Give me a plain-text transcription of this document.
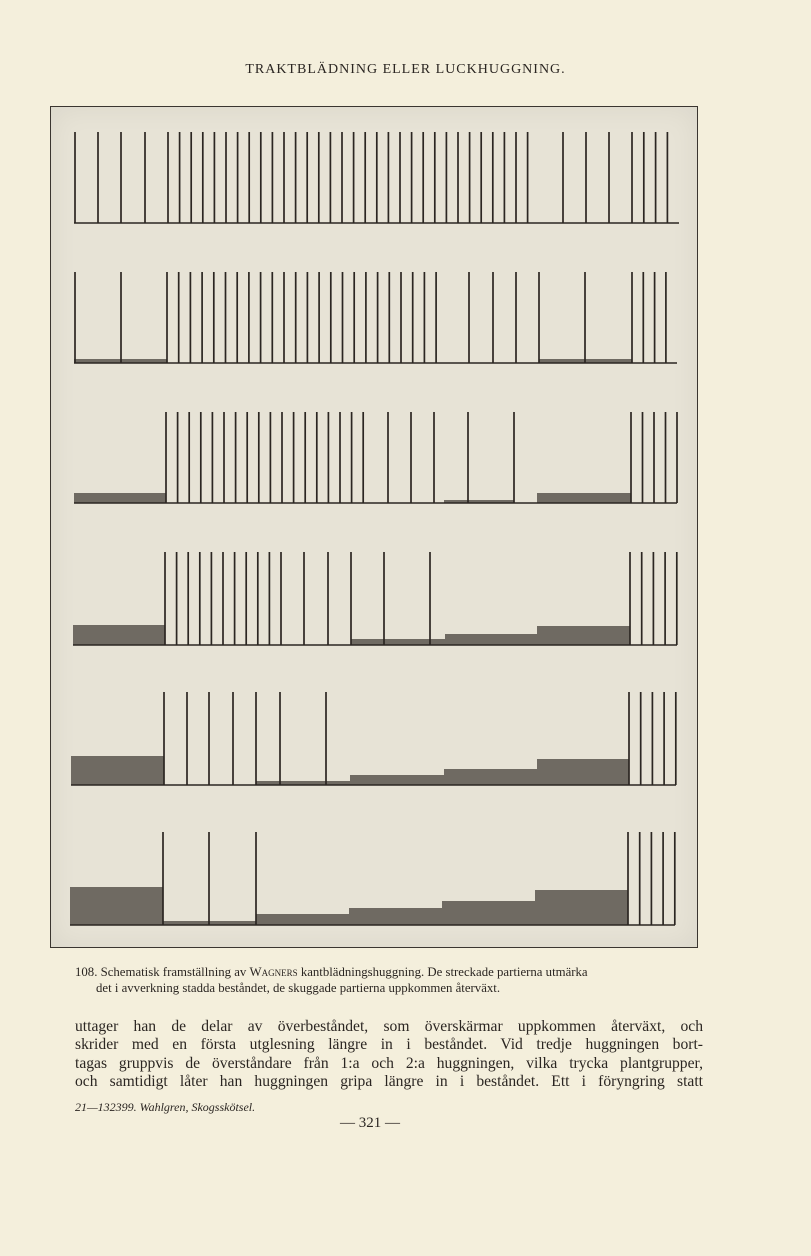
TRAKTBLÄDNING ELLER LUCKHUGGNING.
108. Schematisk framställning av Wagners kantblädningshuggning. De streckade partierna utmärka
det i avverkning stadda beståndet, de skuggade partierna uppkommen återväxt.
uttager han de delar av överbeståndet, som överskärmar uppkommen återväxt, och
skrider med en första utglesning längre in i beståndet. Vid tredje huggningen bort-
tagas gruppvis de överståndare från 1:a och 2:a huggningen, vilka trycka plantgrupper,
och samtidigt låter han huggningen gripa längre in i beståndet. Ett i föryngring statt
21—132399. Wahlgren, Skogsskötsel.
— 321 —
